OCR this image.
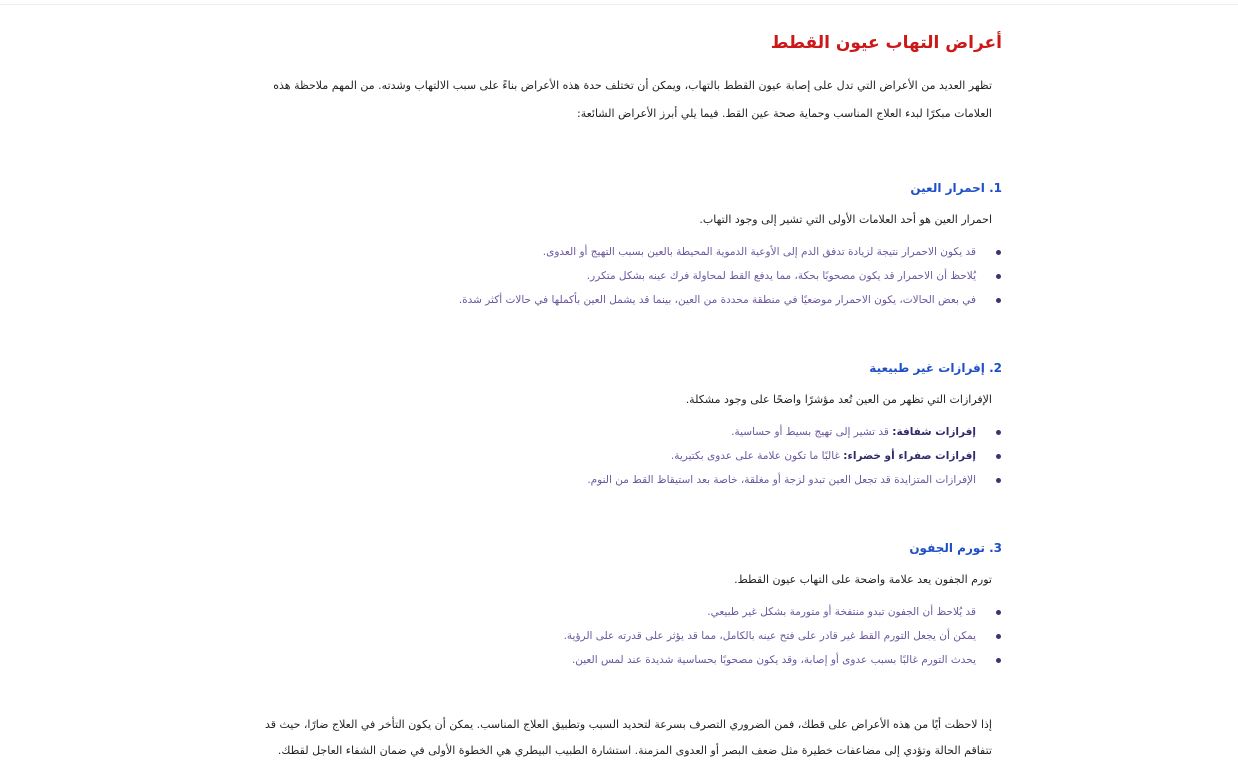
أعراض التهاب عيون القطط

تظهر العديد من الأعراض التي تدل على إصابة عيون القطط بالتهاب، ويمكن أن تختلف حدة هذه الأعراض بناءً على سبب الالتهاب وشدته. من المهم ملاحظة هذه العلامات مبكرًا لبدء العلاج المناسب وحماية صحة عين القط. فيما يلي أبرز الأعراض الشائعة:

1. احمرار العين

احمرار العين هو أحد العلامات الأولى التي تشير إلى وجود التهاب.

قد يكون الاحمرار نتيجة لزيادة تدفق الدم إلى الأوعية الدموية المحيطة بالعين بسبب التهيج أو العدوى.
يُلاحظ أن الاحمرار قد يكون مصحوبًا بحكة، مما يدفع القط لمحاولة فرك عينه بشكل متكرر.
في بعض الحالات، يكون الاحمرار موضعيًا في منطقة محددة من العين، بينما قد يشمل العين بأكملها في حالات أكثر شدة.
2. إفرازات غير طبيعية

الإفرازات التي تظهر من العين تُعد مؤشرًا واضحًا على وجود مشكلة.

إفرازات شفافة: قد تشير إلى تهيج بسيط أو حساسية.
إفرازات صفراء أو خضراء: غالبًا ما تكون علامة على عدوى بكتيرية.
الإفرازات المتزايدة قد تجعل العين تبدو لزجة أو مغلقة، خاصة بعد استيقاظ القط من النوم.
3. تورم الجفون

تورم الجفون يعد علامة واضحة على التهاب عيون القطط.

قد يُلاحظ أن الجفون تبدو منتفخة أو متورمة بشكل غير طبيعي.
يمكن أن يجعل التورم القط غير قادر على فتح عينه بالكامل، مما قد يؤثر على قدرته على الرؤية.
يحدث التورم غالبًا بسبب عدوى أو إصابة، وقد يكون مصحوبًا بحساسية شديدة عند لمس العين.

إذا لاحظت أيًا من هذه الأعراض على قطك، فمن الضروري التصرف بسرعة لتحديد السبب وتطبيق العلاج المناسب. يمكن أن يكون التأخر في العلاج ضارًا، حيث قد تتفاقم الحالة وتؤدي إلى مضاعفات خطيرة مثل ضعف البصر أو العدوى المزمنة. استشارة الطبيب البيطري هي الخطوة الأولى في ضمان الشفاء العاجل لقطك.
